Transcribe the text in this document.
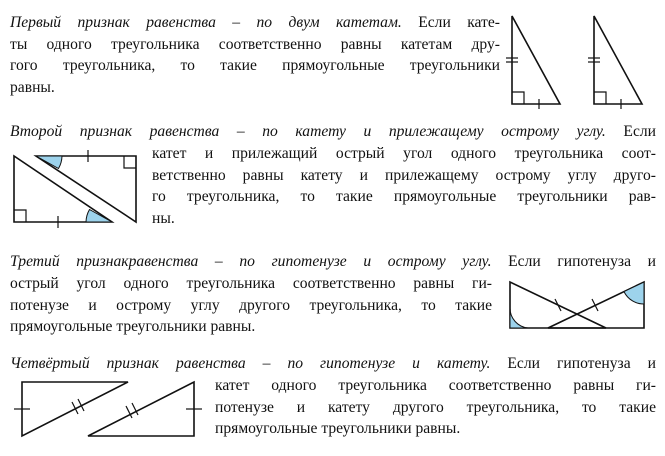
Первый признак равенства – по двум катетам. Если кате-
ты одного треугольника соответственно равны катетам дру-
гого треугольника, то такие прямоугольные треугольники
равны.
Второй признак равенства – по катету и прилежащему острому углу. Если
катет и прилежащий острый угол одного треугольника соот-
ветственно равны катету и прилежащему острому углу друго-
го треугольника, то такие прямоугольные треугольники рав-
ны.
Третий признакравенства – по гипотенузе и острому углу. Если гипотенуза и
острый угол одного треугольника соответственно равны ги-
потенузе и острому углу другого треугольника, то такие
прямоугольные треугольники равны.
Четвёртый признак равенства – по гипотенузе и катету. Если гипотенуза и
катет одного треугольника соответственно равны ги-
потенузе и катету другого треугольника, то такие
прямоугольные треугольники равны.
